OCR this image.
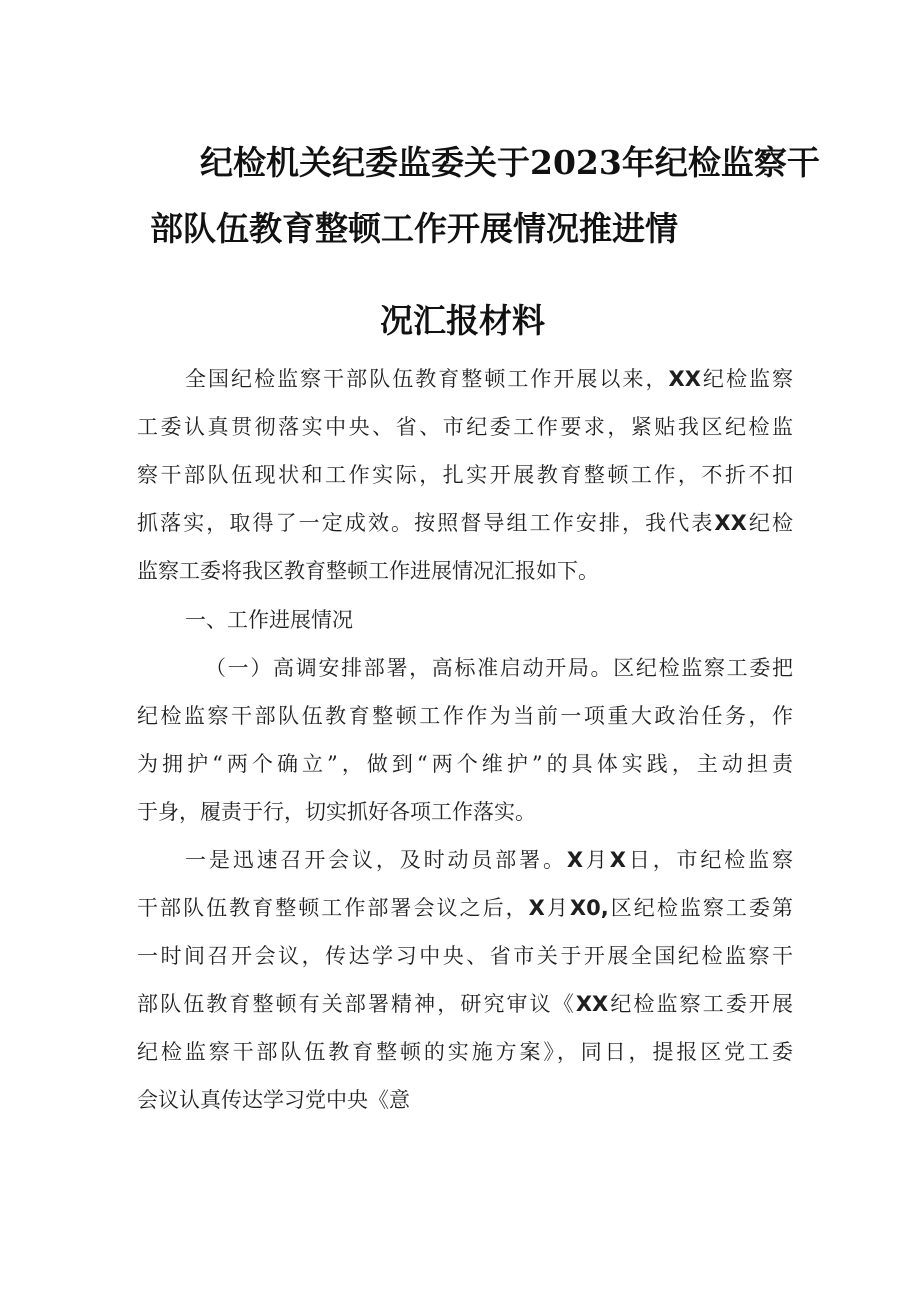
纪检机关纪委监委关于2023年纪检监察干
部队伍教育整顿工作开展情况推进情
况汇报材料
全国纪检监察干部队伍教育整顿工作开展以来，XX纪检监察
工委认真贯彻落实中央、省、市纪委工作要求，紧贴我区纪检监
察干部队伍现状和工作实际，扎实开展教育整顿工作，不折不扣
抓落实，取得了一定成效。按照督导组工作安排，我代表XX纪检
监察工委将我区教育整顿工作进展情况汇报如下。
一、工作进展情况
（一）高调安排部署，高标准启动开局。区纪检监察工委把
纪检监察干部队伍教育整顿工作作为当前一项重大政治任务，作
为拥护“两个确立”，做到“两个维护”的具体实践，主动担责
于身，履责于行，切实抓好各项工作落实。
一是迅速召开会议，及时动员部署。X月X日，市纪检监察
干部队伍教育整顿工作部署会议之后，X月X0,区纪检监察工委第
一时间召开会议，传达学习中央、省市关于开展全国纪检监察干
部队伍教育整顿有关部署精神，研究审议《XX纪检监察工委开展
纪检监察干部队伍教育整顿的实施方案》，同日，提报区党工委
会议认真传达学习党中央《意
